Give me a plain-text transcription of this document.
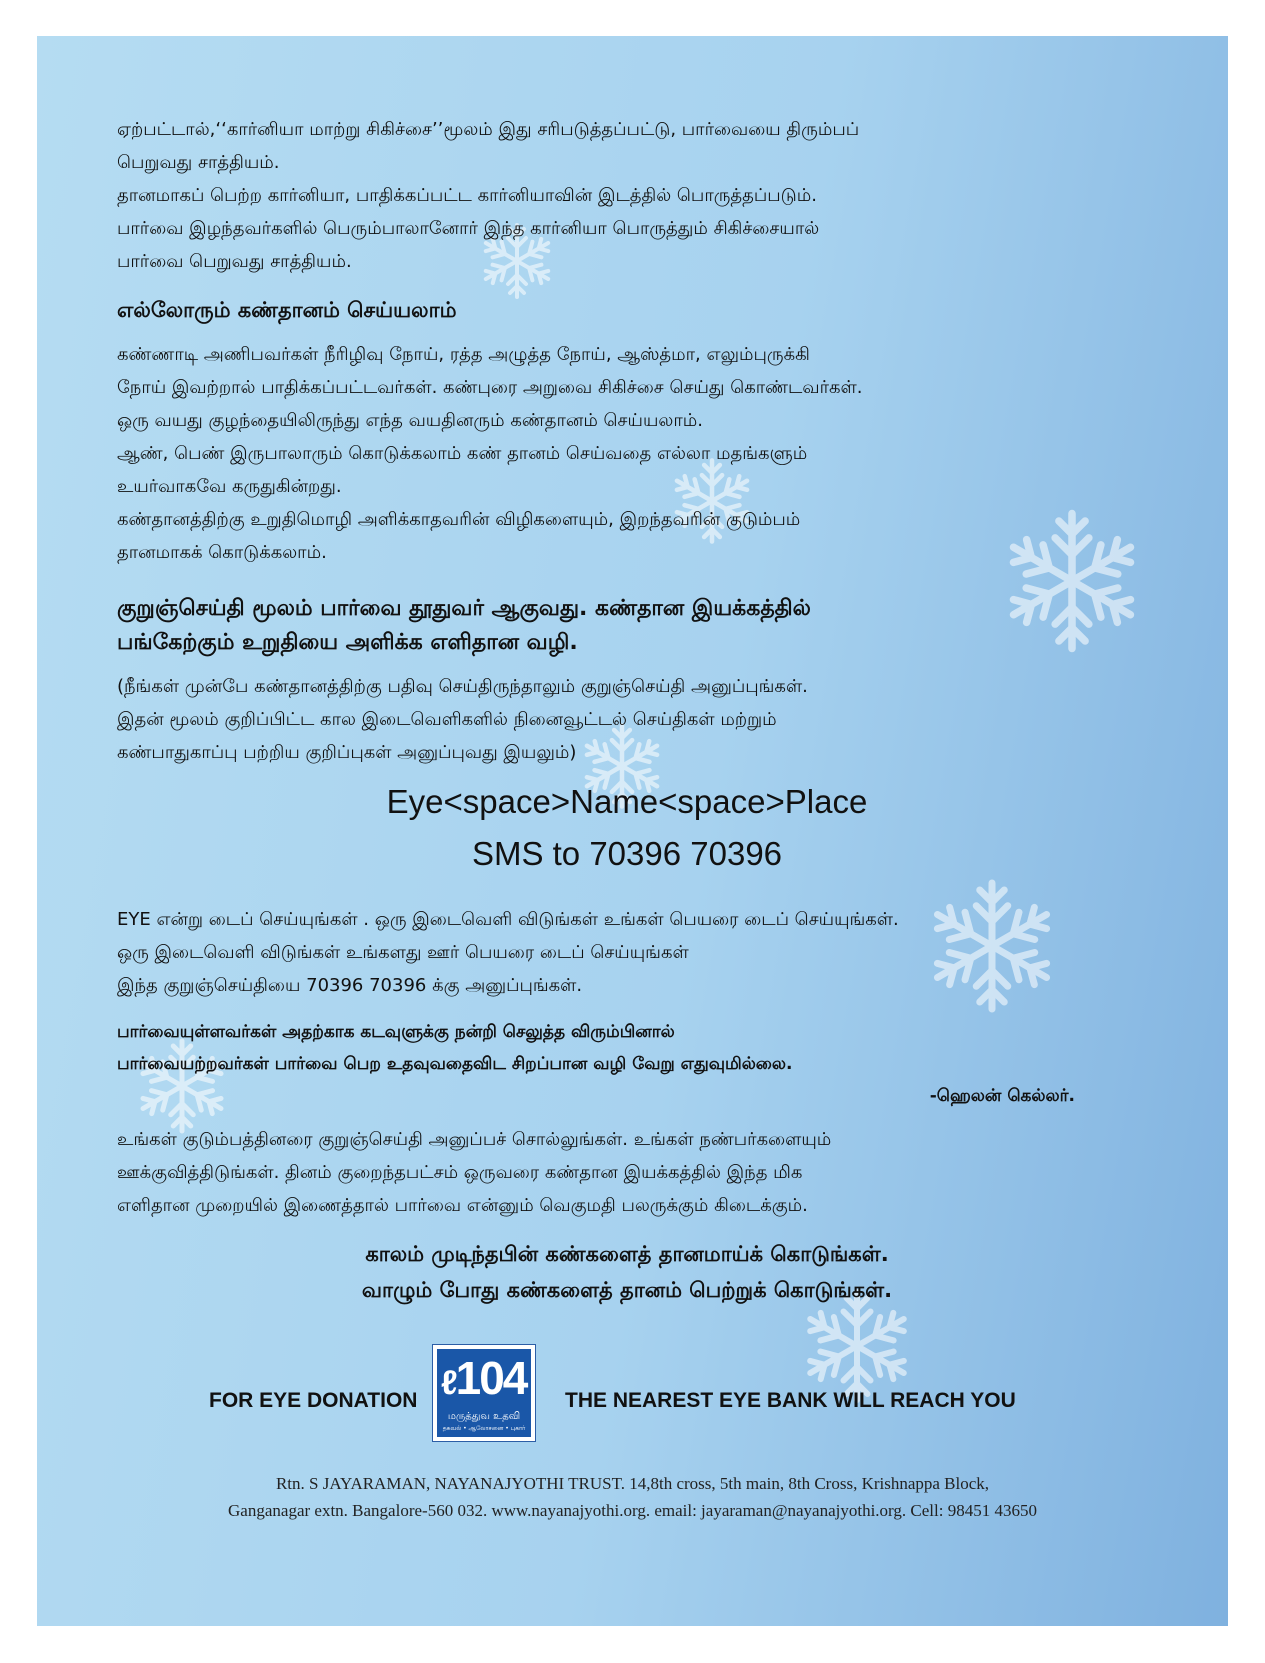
ஏற்பட்டால்,‘‘கார்னியா மாற்று சிகிச்சை’’மூலம் இது சரிபடுத்தப்பட்டு, பார்வையை திரும்பப்
பெறுவது சாத்தியம்.
தானமாகப் பெற்ற கார்னியா, பாதிக்கப்பட்ட கார்னியாவின் இடத்தில் பொருத்தப்படும்.
பார்வை இழந்தவர்களில் பெரும்பாலானோர் இந்த கார்னியா பொருத்தும் சிகிச்சையால்
பார்வை பெறுவது சாத்தியம்.
எல்லோரும் கண்தானம் செய்யலாம்
கண்ணாடி அணிபவர்கள் நீரிழிவு நோய், ரத்த அழுத்த நோய், ஆஸ்த்மா, எலும்புருக்கி
நோய் இவற்றால் பாதிக்கப்பட்டவர்கள். கண்புரை அறுவை சிகிச்சை செய்து கொண்டவர்கள்.
ஒரு வயது குழந்தையிலிருந்து எந்த வயதினரும் கண்தானம் செய்யலாம்.
ஆண், பெண் இருபாலாரும் கொடுக்கலாம் கண் தானம் செய்வதை எல்லா மதங்களும்
உயர்வாகவே கருதுகின்றது.
கண்தானத்திற்கு உறுதிமொழி அளிக்காதவரின் விழிகளையும், இறந்தவரின் குடும்பம்
தானமாகக் கொடுக்கலாம்.
குறுஞ்செய்தி மூலம் பார்வை தூதுவர் ஆகுவது. கண்தான இயக்கத்தில்
பங்கேற்கும் உறுதியை அளிக்க எளிதான வழி.
(நீங்கள் முன்பே கண்தானத்திற்கு பதிவு செய்திருந்தாலும் குறுஞ்செய்தி அனுப்புங்கள்.
இதன் மூலம் குறிப்பிட்ட கால இடைவெளிகளில் நினைவூட்டல் செய்திகள் மற்றும்
கண்பாதுகாப்பு பற்றிய குறிப்புகள் அனுப்புவது இயலும்)
Eye<space>Name<space>Place
SMS to 70396 70396
EYE என்று டைப் செய்யுங்கள் . ஒரு இடைவெளி விடுங்கள் உங்கள் பெயரை டைப் செய்யுங்கள்.
ஒரு இடைவெளி விடுங்கள் உங்களது ஊர் பெயரை டைப் செய்யுங்கள்
இந்த குறுஞ்செய்தியை 70396 70396 க்கு அனுப்புங்கள்.
பார்வையுள்ளவர்கள் அதற்காக கடவுளுக்கு நன்றி செலுத்த விரும்பினால்
பார்வையற்றவர்கள் பார்வை பெற உதவுவதைவிட சிறப்பான வழி வேறு எதுவுமில்லை.
-ஹெலன் கெல்லர்.
உங்கள் குடும்பத்தினரை குறுஞ்செய்தி அனுப்பச் சொல்லுங்கள். உங்கள் நண்பர்களையும்
ஊக்குவித்திடுங்கள். தினம் குறைந்தபட்சம் ஒருவரை கண்தான இயக்கத்தில் இந்த மிக
எளிதான முறையில் இணைத்தால் பார்வை என்னும் வெகுமதி பலருக்கும் கிடைக்கும்.
காலம் முடிந்தபின் கண்களைத் தானமாய்க் கொடுங்கள்.
வாழும் போது கண்களைத் தானம் பெற்றுக் கொடுங்கள்.
FOR EYE DONATION ℓ104
மருத்துவ உதவி
தகவல் • ஆலோசனை • புகார்
THE NEAREST EYE BANK WILL REACH YOU
Rtn. S JAYARAMAN, NAYANAJYOTHI TRUST. 14,8th cross, 5th main, 8th Cross, Krishnappa Block,
Ganganagar extn. Bangalore-560 032. www.nayanajyothi.org. email: jayaraman@nayanajyothi.org. Cell: 98451 43650
